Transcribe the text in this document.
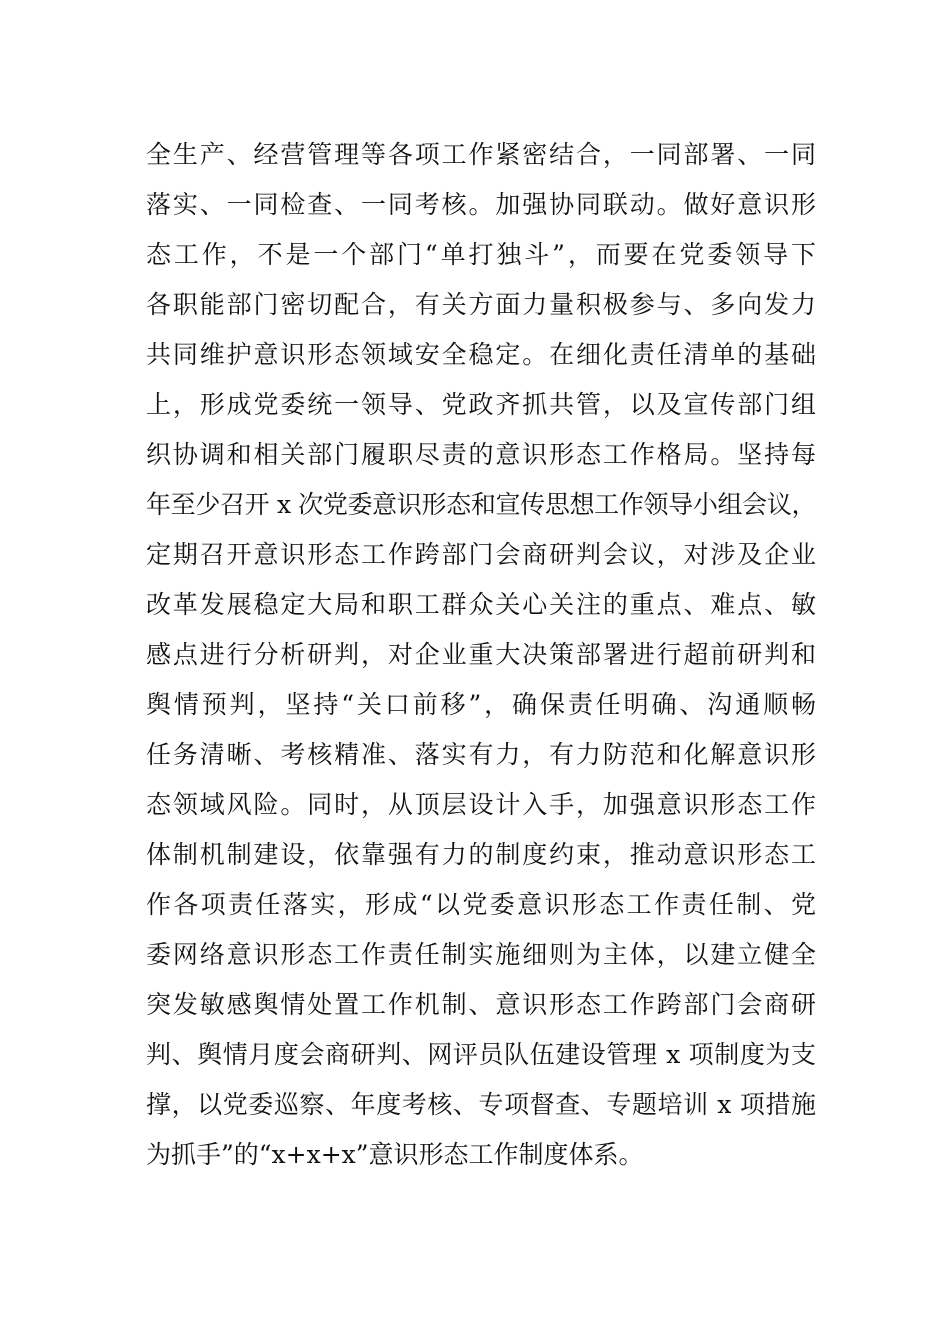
全生产、经营管理等各项工作紧密结合，一同部署、一同
落实、一同检查、一同考核。加强协同联动。做好意识形
态工作，不是一个部门“单打独斗”，而要在党委领导下
各职能部门密切配合，有关方面力量积极参与、多向发力
共同维护意识形态领域安全稳定。在细化责任清单的基础
上，形成党委统一领导、党政齐抓共管，以及宣传部门组
织协调和相关部门履职尽责的意识形态工作格局。坚持每
年至少召开 x 次党委意识形态和宣传思想工作领导小组会议，
定期召开意识形态工作跨部门会商研判会议，对涉及企业
改革发展稳定大局和职工群众关心关注的重点、难点、敏
感点进行分析研判，对企业重大决策部署进行超前研判和
舆情预判，坚持“关口前移”，确保责任明确、沟通顺畅
任务清晰、考核精准、落实有力，有力防范和化解意识形
态领域风险。同时，从顶层设计入手，加强意识形态工作
体制机制建设，依靠强有力的制度约束，推动意识形态工
作各项责任落实，形成“以党委意识形态工作责任制、党
委网络意识形态工作责任制实施细则为主体，以建立健全
突发敏感舆情处置工作机制、意识形态工作跨部门会商研
判、舆情月度会商研判、网评员队伍建设管理 x 项制度为支
撑，以党委巡察、年度考核、专项督查、专题培训 x 项措施
为抓手”的“x+x+x”意识形态工作制度体系。
